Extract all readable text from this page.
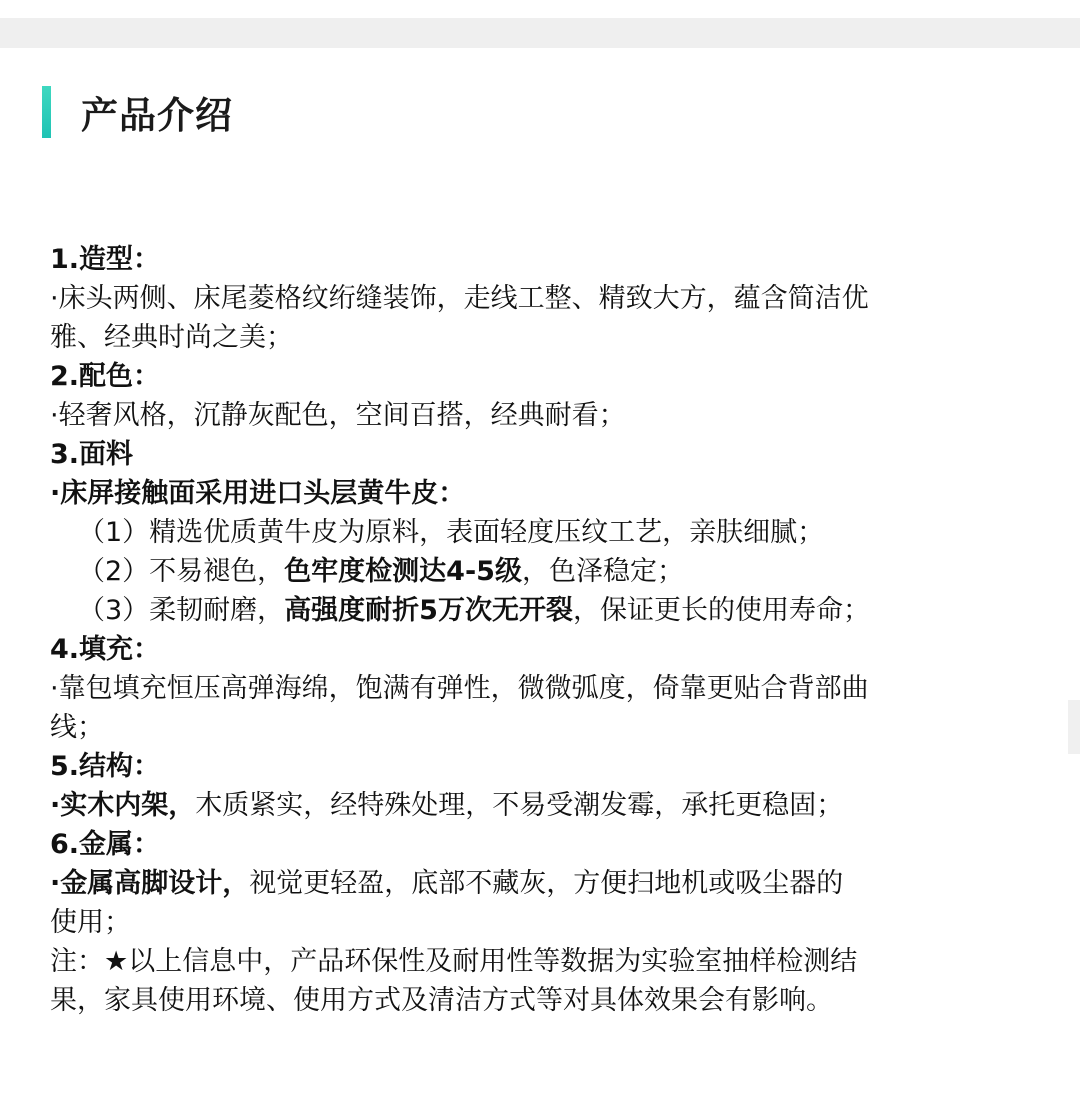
产品介绍
1.造型：
·床头两侧、床尾菱格纹绗缝装饰，走线工整、精致大方，蕴含简洁优
雅、经典时尚之美；
2.配色：
·轻奢风格，沉静灰配色，空间百搭，经典耐看；
3.面料
·床屏接触面采用进口头层黄牛皮：
（1）精选优质黄牛皮为原料，表面轻度压纹工艺，亲肤细腻；
（2）不易褪色，色牢度检测达4-5级，色泽稳定；
（3）柔韧耐磨，高强度耐折5万次无开裂，保证更长的使用寿命；
4.填充：
·靠包填充恒压高弹海绵，饱满有弹性，微微弧度，倚靠更贴合背部曲
线；
5.结构：
·实木内架，木质紧实，经特殊处理，不易受潮发霉，承托更稳固；
6.金属：
·金属高脚设计，视觉更轻盈，底部不藏灰，方便扫地机或吸尘器的
使用；
注：★以上信息中，产品环保性及耐用性等数据为实验室抽样检测结
果，家具使用环境、使用方式及清洁方式等对具体效果会有影响。
